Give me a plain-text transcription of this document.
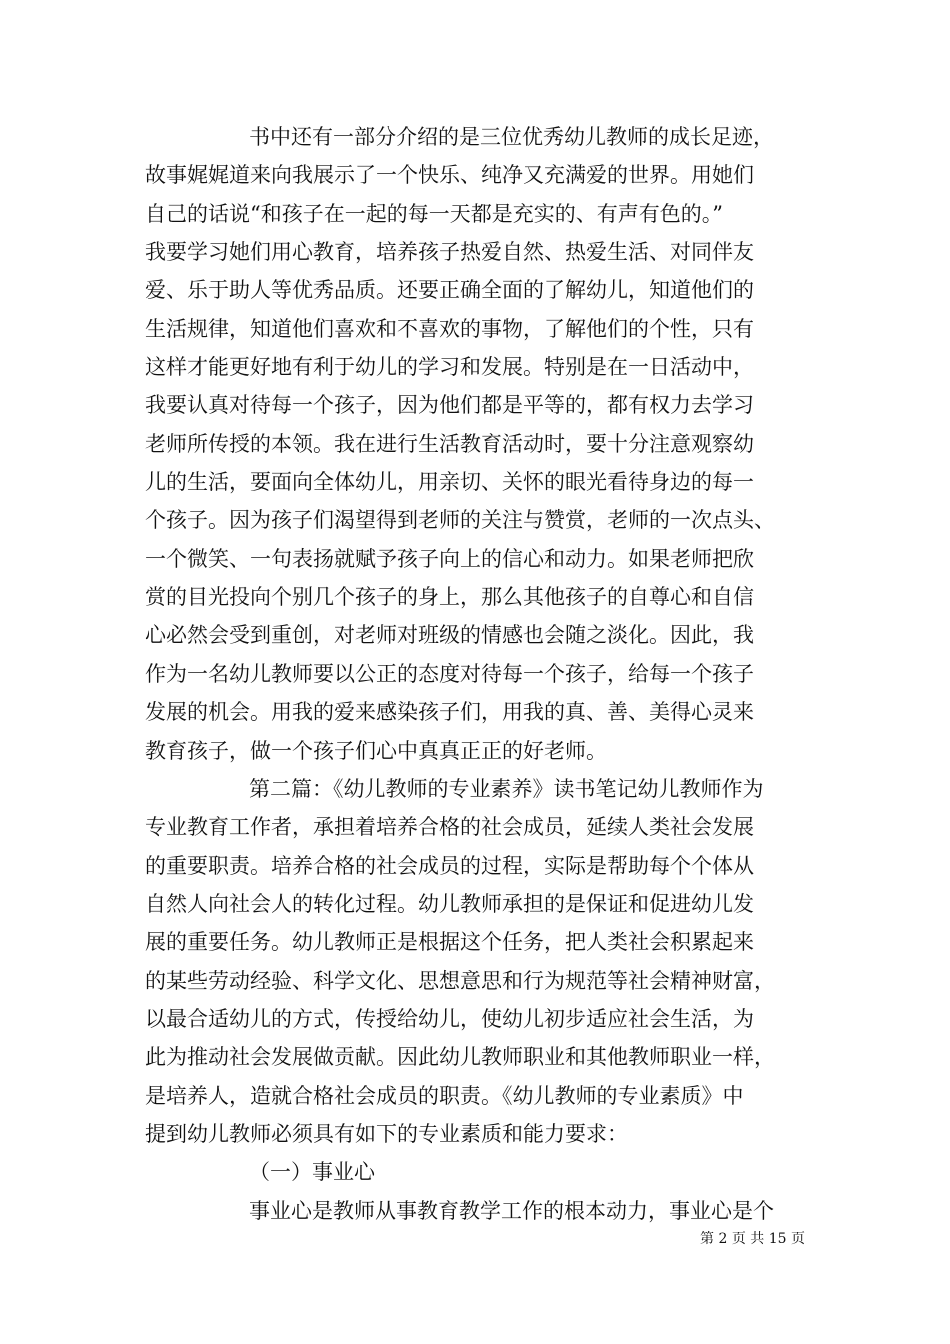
书中还有一部分介绍的是三位优秀幼儿教师的成长足迹，
故事娓娓道来向我展示了一个快乐、纯净又充满爱的世界。用她们
自己的话说“和孩子在一起的每一天都是充实的、有声有色的。”
我要学习她们用心教育，培养孩子热爱自然、热爱生活、对同伴友
爱、乐于助人等优秀品质。还要正确全面的了解幼儿，知道他们的
生活规律，知道他们喜欢和不喜欢的事物，了解他们的个性，只有
这样才能更好地有利于幼儿的学习和发展。特别是在一日活动中，
我要认真对待每一个孩子，因为他们都是平等的，都有权力去学习
老师所传授的本领。我在进行生活教育活动时，要十分注意观察幼
儿的生活，要面向全体幼儿，用亲切、关怀的眼光看待身边的每一
个孩子。因为孩子们渴望得到老师的关注与赞赏，老师的一次点头、
一个微笑、一句表扬就赋予孩子向上的信心和动力。如果老师把欣
赏的目光投向个别几个孩子的身上，那么其他孩子的自尊心和自信
心必然会受到重创，对老师对班级的情感也会随之淡化。因此，我
作为一名幼儿教师要以公正的态度对待每一个孩子，给每一个孩子
发展的机会。用我的爱来感染孩子们，用我的真、善、美得心灵来
教育孩子，做一个孩子们心中真真正正的好老师。
第二篇：《幼儿教师的专业素养》读书笔记幼儿教师作为
专业教育工作者，承担着培养合格的社会成员，延续人类社会发展
的重要职责。培养合格的社会成员的过程，实际是帮助每个个体从
自然人向社会人的转化过程。幼儿教师承担的是保证和促进幼儿发
展的重要任务。幼儿教师正是根据这个任务，把人类社会积累起来
的某些劳动经验、科学文化、思想意思和行为规范等社会精神财富，
以最合适幼儿的方式，传授给幼儿，使幼儿初步适应社会生活，为
此为推动社会发展做贡献。因此幼儿教师职业和其他教师职业一样，
是培养人，造就合格社会成员的职责。《幼儿教师的专业素质》中
提到幼儿教师必须具有如下的专业素质和能力要求：
（一）事业心
事业心是教师从事教育教学工作的根本动力，事业心是个
第 2 页 共 15 页
